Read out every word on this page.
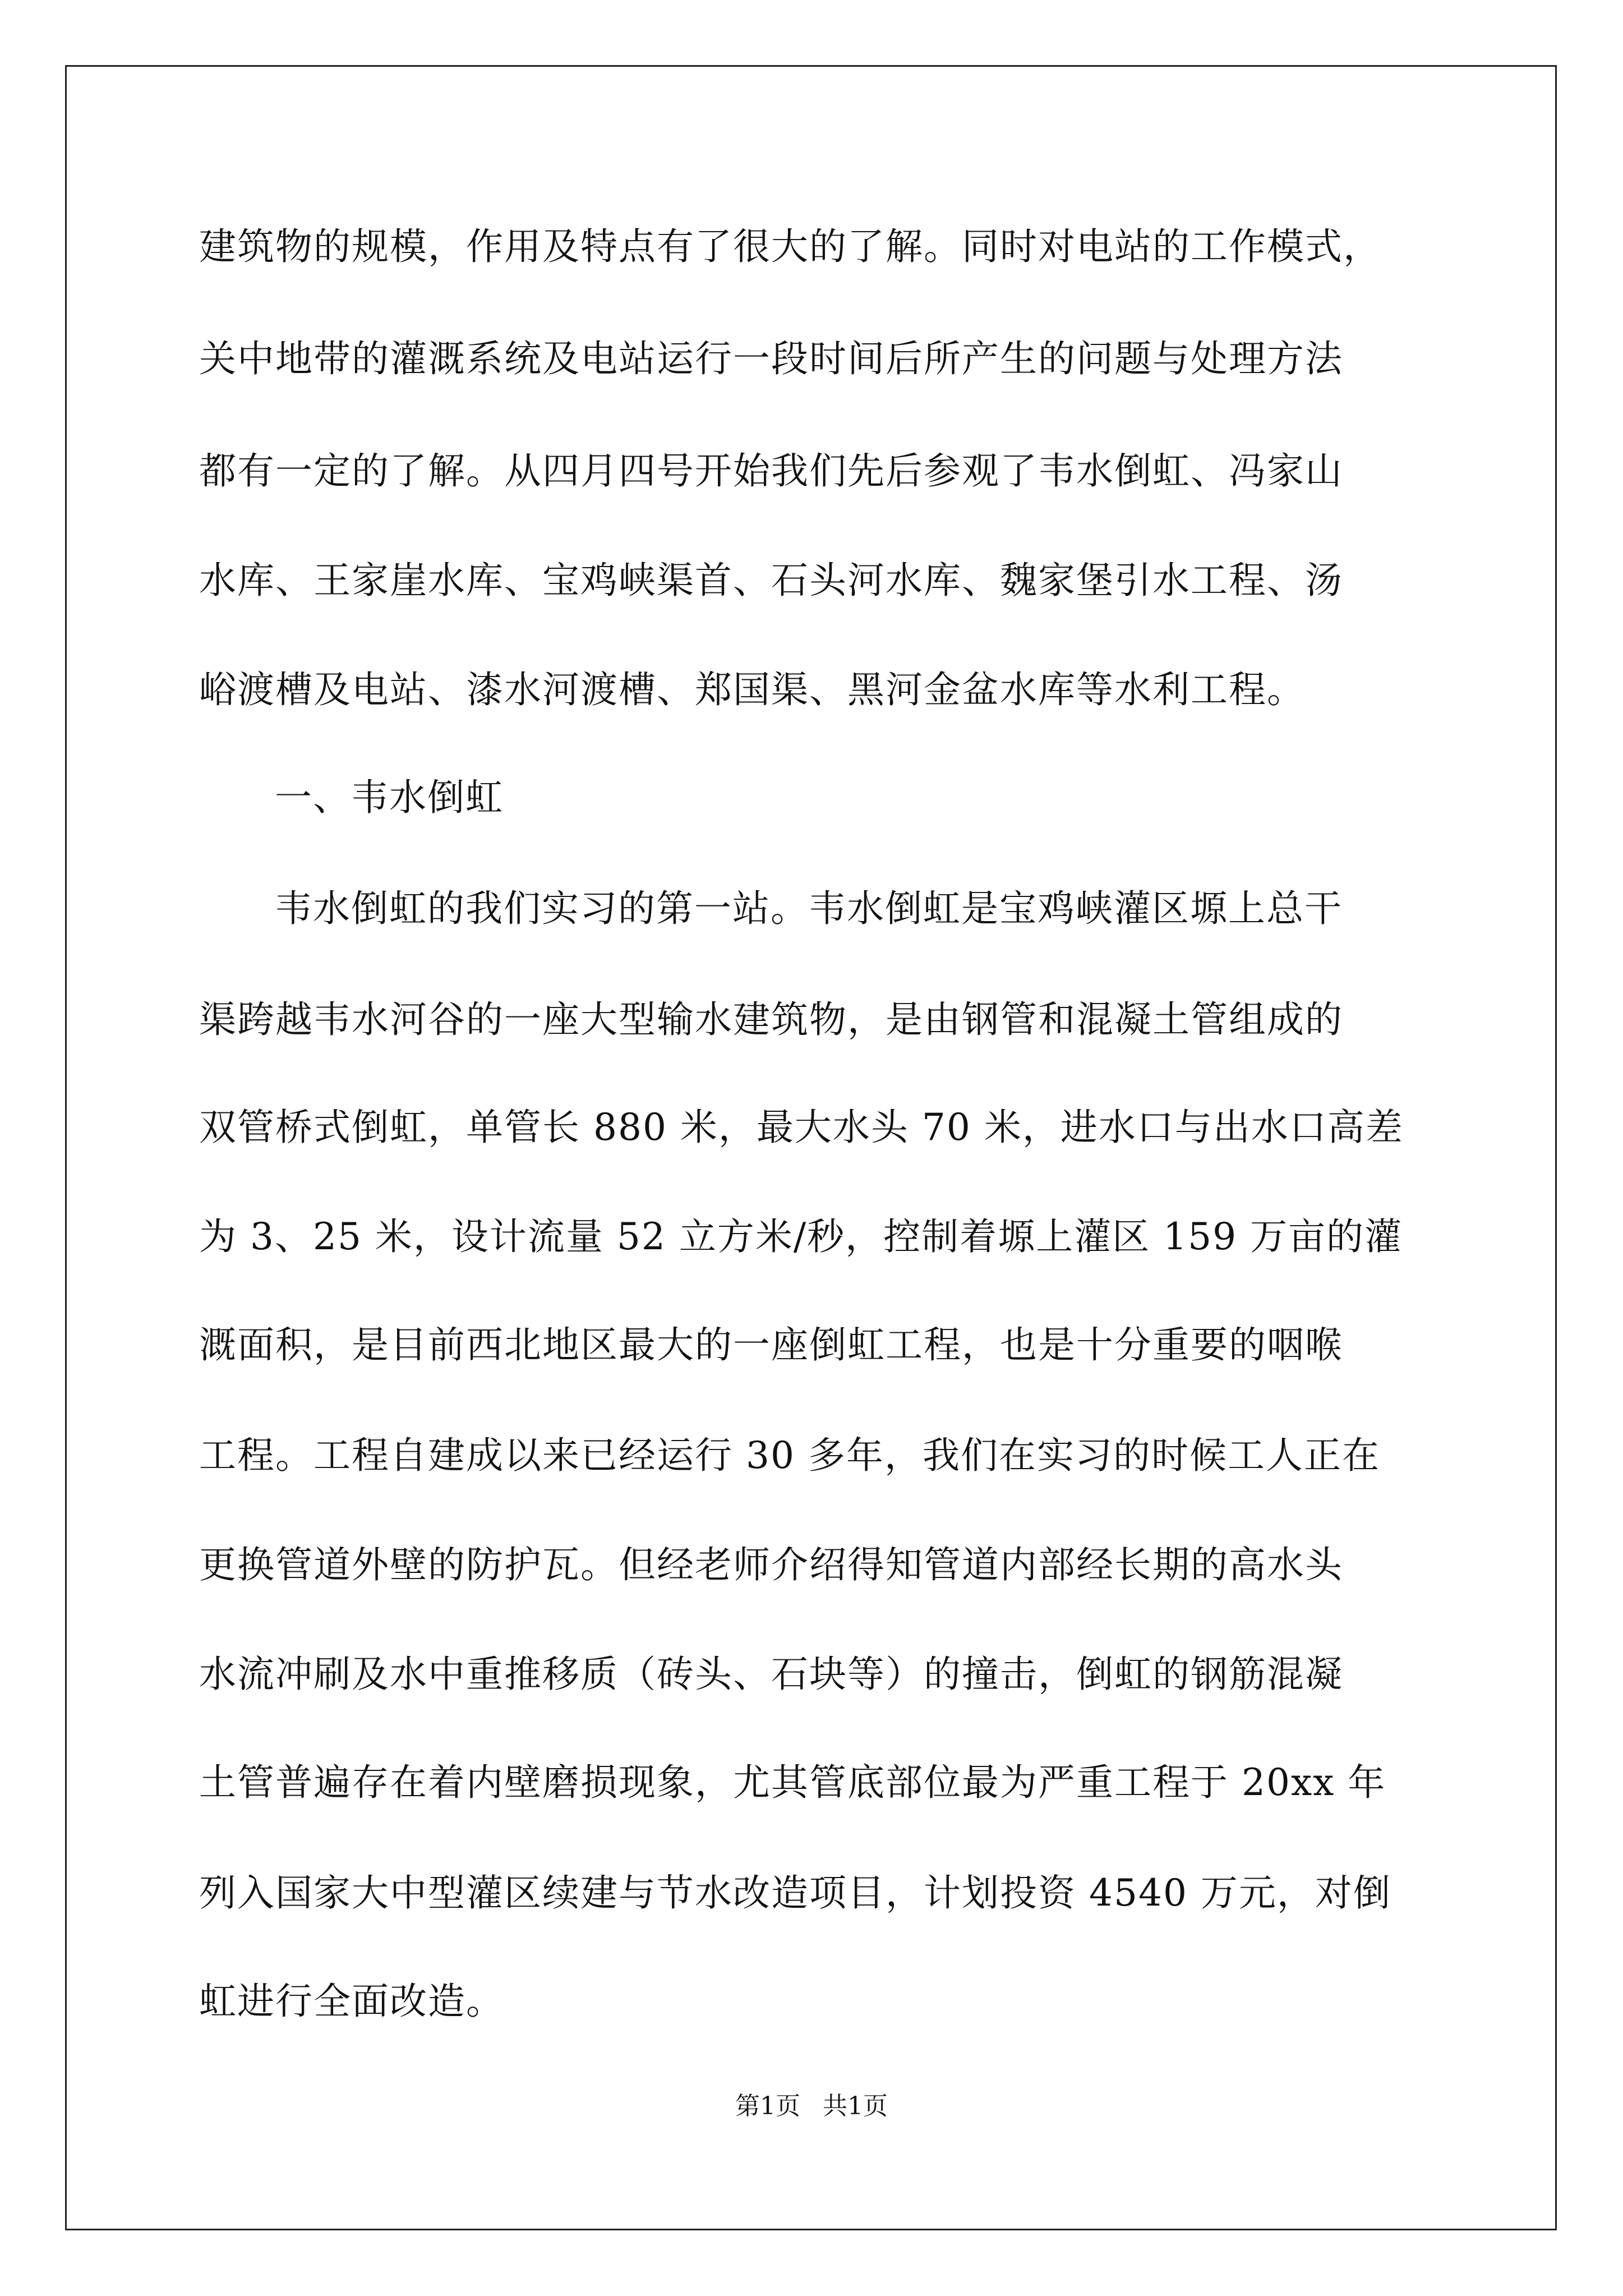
建筑物的规模，作用及特点有了很大的了解。同时对电站的工作模式，
关中地带的灌溉系统及电站运行一段时间后所产生的问题与处理方法
都有一定的了解。从四月四号开始我们先后参观了韦水倒虹、冯家山
水库、王家崖水库、宝鸡峡渠首、石头河水库、魏家堡引水工程、汤
峪渡槽及电站、漆水河渡槽、郑国渠、黑河金盆水库等水利工程。
一、韦水倒虹
韦水倒虹的我们实习的第一站。韦水倒虹是宝鸡峡灌区塬上总干
渠跨越韦水河谷的一座大型输水建筑物，是由钢管和混凝土管组成的
双管桥式倒虹，单管长 880 米，最大水头 70 米，进水口与出水口高差
为 3、25 米，设计流量 52 立方米/秒，控制着塬上灌区 159 万亩的灌
溉面积，是目前西北地区最大的一座倒虹工程，也是十分重要的咽喉
工程。工程自建成以来已经运行 30 多年，我们在实习的时候工人正在
更换管道外壁的防护瓦。但经老师介绍得知管道内部经长期的高水头
水流冲刷及水中重推移质（砖头、石块等）的撞击，倒虹的钢筋混凝
土管普遍存在着内壁磨损现象，尤其管底部位最为严重工程于 20xx 年
列入国家大中型灌区续建与节水改造项目，计划投资 4540 万元，对倒
虹进行全面改造。
第1页 共1页
